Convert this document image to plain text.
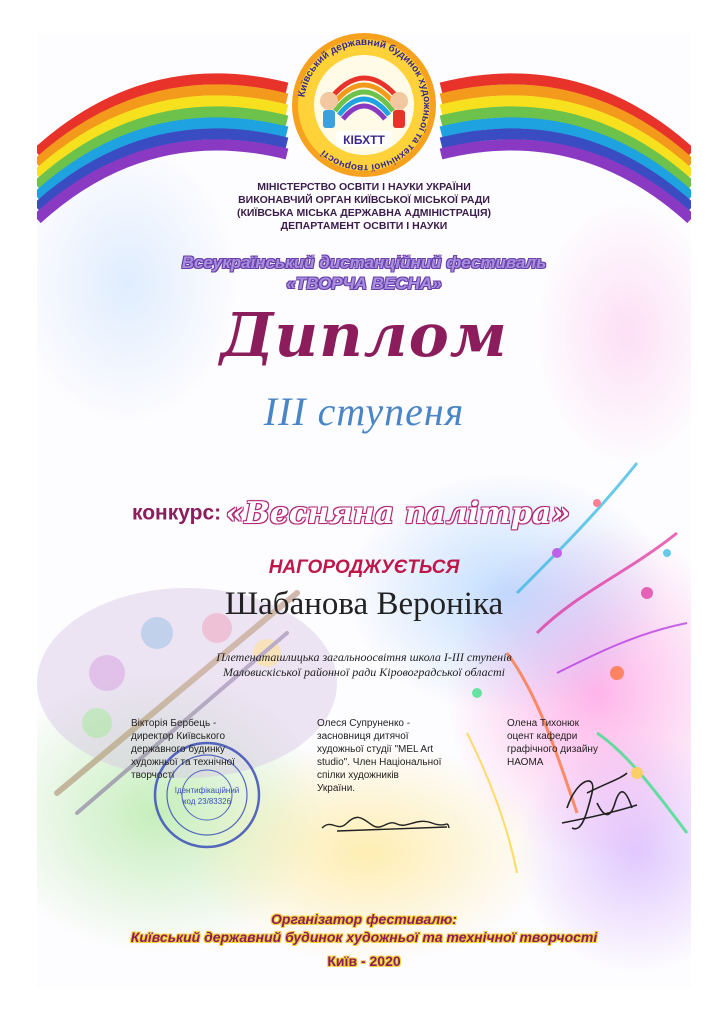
Київський державний будинок художньої та технічної творчості
КІБХТТ
МІНІСТЕРСТВО ОСВІТИ І НАУКИ УКРАЇНИ
ВИКОНАВЧИЙ ОРГАН КИЇВСЬКОЇ МІСЬКОЇ РАДИ
(КИЇВСЬКА МІСЬКА ДЕРЖАВНА АДМІНІСТРАЦІЯ)
ДЕПАРТАМЕНТ ОСВІТИ І НАУКИ
Всеукраїнський дистанційний фестиваль
«ТВОРЧА ВЕСНА»
Диплом
ІІІ ступеня
конкурс: «Весняна палітра»
НАГОРОДЖУЄТЬСЯ
Шабанова Вероніка
Плетенаташлицька загальноосвітня школа І-ІІІ ступенів
Маловискіської районної ради Кіровоградської області
Вікторія Бербець -
директор Київського
державного будинку
художньої та технічної
творчості
Олеся Супруненко -
засновниця дитячої
художньої студії "MEL Art
studio". Член Національної
спілки художників
України.
Олена Тихонюк
оцент кафедри
графічного дизайну
НАОМА
Ідентифікаційний
код 23/83326
Організатор фестивалю:
Київський державний будинок художньої та технічної творчості
Київ - 2020
